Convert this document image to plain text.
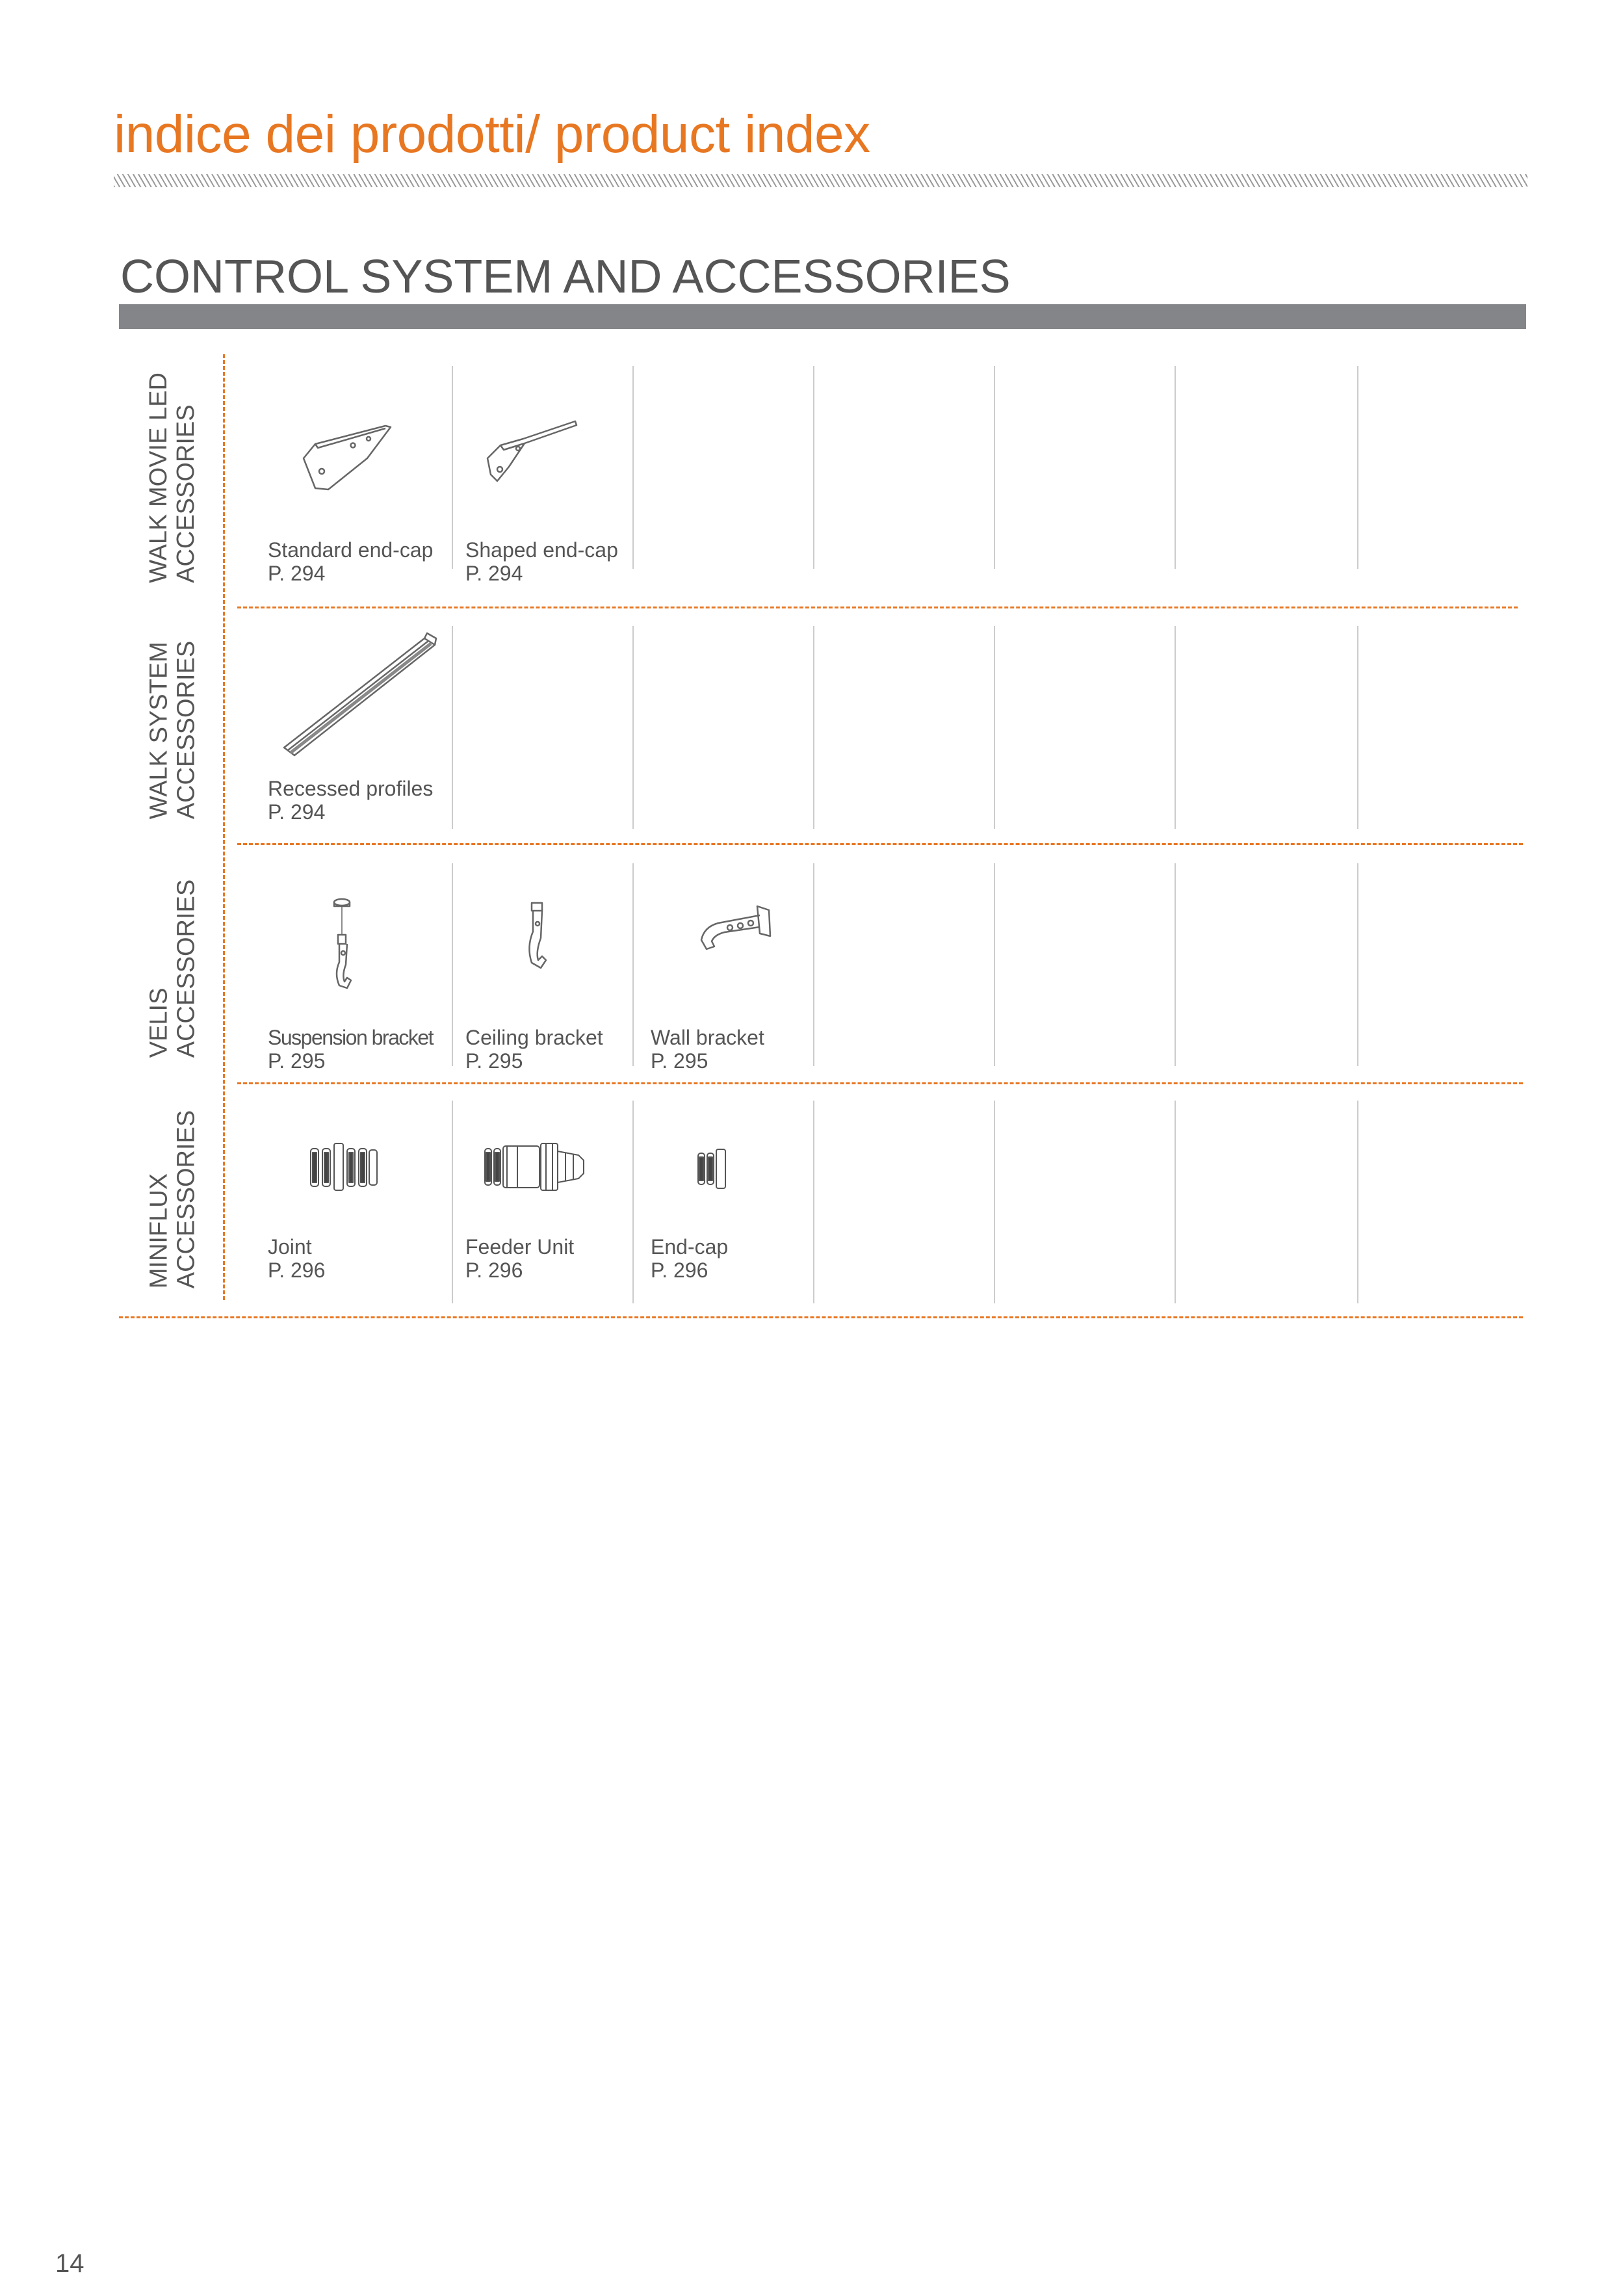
indice dei prodotti/ product index
CONTROL SYSTEM AND ACCESSORIES
WALK MOVIE LED ACCESSORIES
WALK SYSTEM ACCESSORIES
VELIS ACCESSORIES
MINIFLUX ACCESSORIES
Standard end-cap
P. 294
Shaped end-cap
P. 294
Recessed profiles
P. 294
Suspension bracket
P. 295
Ceiling bracket
P. 295
Wall bracket
P. 295
Joint
P. 296
Feeder Unit
P. 296
End-cap
P. 296
14
